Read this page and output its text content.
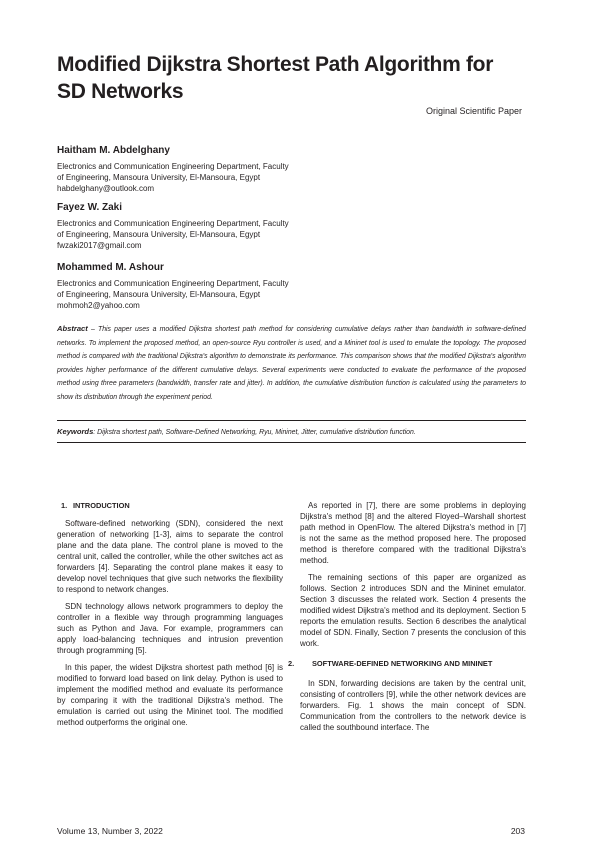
Modified Dijkstra Shortest Path Algorithm for SD Networks
Original Scientific Paper
Haitham M. Abdelghany
Electronics and Communication Engineering Department, Faculty
of Engineering, Mansoura University, El-Mansoura, Egypt
habdelghany@outlook.com
Fayez W. Zaki
Electronics and Communication Engineering Department, Faculty
of Engineering, Mansoura University, El-Mansoura, Egypt
fwzaki2017@gmail.com
Mohammed M. Ashour
Electronics and Communication Engineering Department, Faculty
of Engineering, Mansoura University, El-Mansoura, Egypt
mohmoh2@yahoo.com
Abstract – This paper uses a modified Dijkstra shortest path method for considering cumulative delays rather than bandwidth in software-defined networks. To implement the proposed method, an open-source Ryu controller is used, and a Mininet tool is used to emulate the topology. The proposed method is compared with the traditional Dijkstra's algorithm to demonstrate its performance. This comparison shows that the modified Dijkstra's algorithm provides higher performance of the different cumulative delays. Several experiments were conducted to evaluate the performance of the proposed method using three parameters (bandwidth, transfer rate and jitter). In addition, the cumulative distribution function is calculated using the parameters to show its distribution through the experiment period.
Keywords: Dijkstra shortest path, Software-Defined Networking, Ryu, Mininet, Jitter, cumulative distribution function.
1. INTRODUCTION

Software-defined networking (SDN), considered the next generation of networking [1-3], aims to separate the control plane and the data plane. The control plane is moved to the central unit, called the controller, while the other switches act as forwarders [4]. Separating the control plane makes it easy to develop novel techniques that give such networks the flexibility to respond to network changes.

SDN technology allows network programmers to deploy the controller in a flexible way through programming languages such as Python and Java. For example, programmers can apply load-balancing techniques and intrusion prevention through programming [5].

In this paper, the widest Dijkstra shortest path method [6] is modified to forward load based on link delay. Python is used to implement the modified method and evaluate its performance by comparing it with the traditional Dijkstra's method. The emulation is carried out using the Mininet tool. The modified method outperforms the original one.

As reported in [7], there are some problems in deploying Dijkstra's method [8] and the altered Floyed–Warshall shortest path method in OpenFlow. The altered Dijkstra's method in [7] is not the same as the method proposed here. The proposed method is therefore compared with the traditional Dijkstra's method.

The remaining sections of this paper are organized as follows. Section 2 introduces SDN and the Mininet emulator. Section 3 discusses the related work. Section 4 presents the modified widest Dijkstra's method and its deployment. Section 5 reports the emulation results. Section 6 describes the analytical model of SDN. Finally, Section 7 presents the conclusion of this work.

2. SOFTWARE-DEFINED NETWORKING AND MININET

In SDN, forwarding decisions are taken by the central unit, consisting of controllers [9], while the other network devices are forwarders. Fig. 1 shows the main concept of SDN. Communication from the controllers to the network device is called the southbound interface. The

Volume 13, Number 3, 2022	203
